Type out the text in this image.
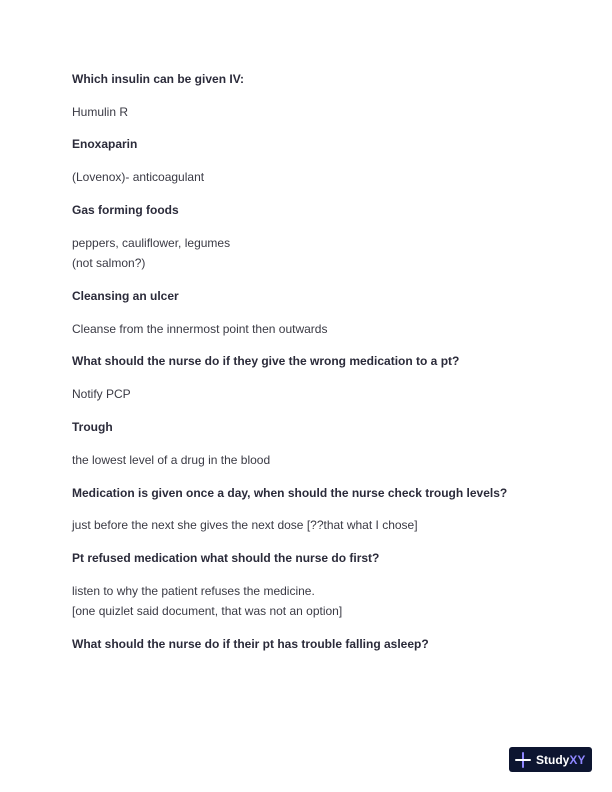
Which insulin can be given IV:
Humulin R
Enoxaparin
(Lovenox)- anticoagulant
Gas forming foods
peppers, cauliflower, legumes
(not salmon?)
Cleansing an ulcer
Cleanse from the innermost point then outwards
What should the nurse do if they give the wrong medication to a pt?
Notify PCP
Trough
the lowest level of a drug in the blood
Medication is given once a day, when should the nurse check trough levels?
just before the next she gives the next dose [??that what I chose]
Pt refused medication what should the nurse do first?
listen to why the patient refuses the medicine.
[one quizlet said document, that was not an option]
What should the nurse do if their pt has trouble falling asleep?
StudyXY
